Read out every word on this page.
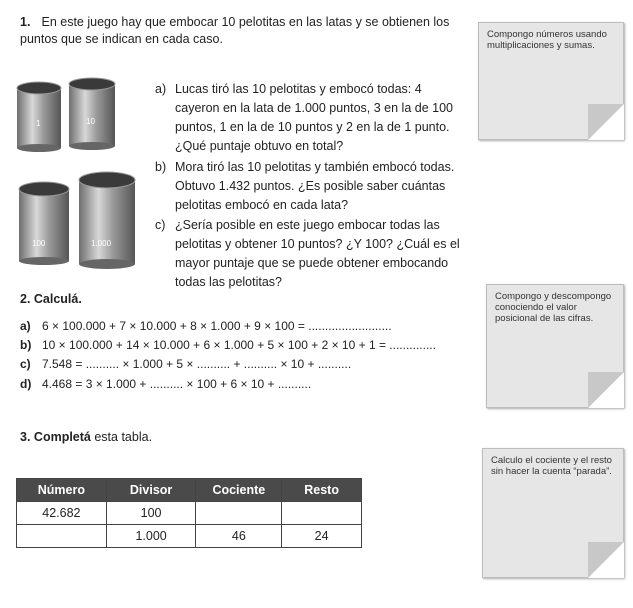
1. En este juego hay que embocar 10 pelotitas en las latas y se obtienen los puntos que se indican en cada caso.
1	10
100	1.000
a) Lucas tiró las 10 pelotitas y embocó todas: 4 cayeron en la lata de 1.000 puntos, 3 en la de 100 puntos, 1 en la de 10 puntos y 2 en la de 1 punto. ¿Qué puntaje obtuvo en total?
b) Mora tiró las 10 pelotitas y también embocó todas. Obtuvo 1.432 puntos. ¿Es posible saber cuántas pelotitas embocó en cada lata?
c) ¿Sería posible en este juego embocar todas las pelotitas y obtener 10 puntos? ¿Y 100? ¿Cuál es el mayor puntaje que se puede obtener embocando todas las pelotitas?
Compongo números usando multiplicaciones y sumas.
Compongo y descompongo conociendo el valor posicional de las cifras.
Calculo el cociente y el resto sin hacer la cuenta “parada”.
2. Calculá.
a) 6 × 100.000 + 7 × 10.000 + 8 × 1.000 + 9 × 100 = .........................
b) 10 × 100.000 + 14 × 10.000 + 6 × 1.000 + 5 × 100 + 2 × 10 + 1 = ..............
c) 7.548 = .......... × 1.000 + 5 × .......... + .......... × 10 + ..........
d) 4.468 = 3 × 1.000 + .......... × 100 + 6 × 10 + ..........
3. Completá esta tabla.
Número	Divisor	Cociente	Resto
42.682	100		
	1.000	46	24
